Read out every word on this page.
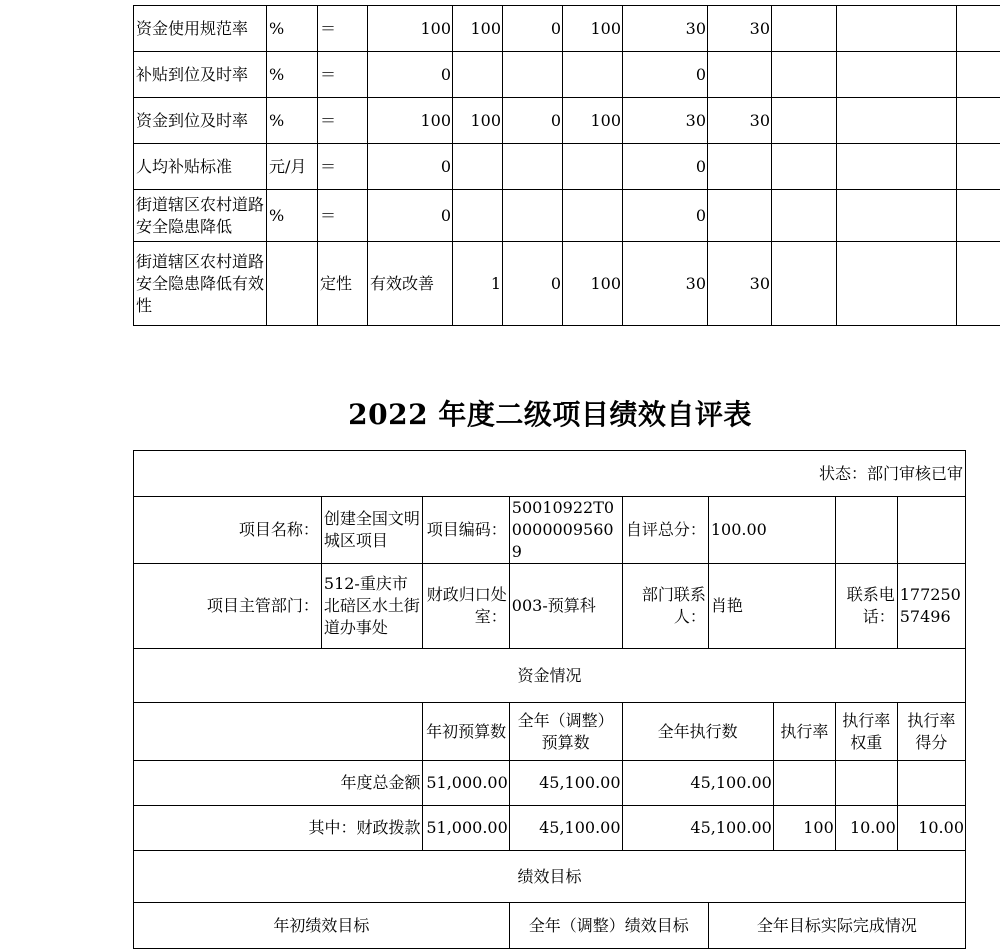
资金使用规范率	%	＝	100	100	0	100	30	30			
补贴到位及时率	%	＝	0				0				
资金到位及时率	%	＝	100	100	0	100	30	30			
人均补贴标准	元/月	＝	0				0				
街道辖区农村道路安全隐患降低	%	＝	0				0				
街道辖区农村道路安全隐患降低有效性		定性	有效改善	1	0	100	30	30			
2022 年度二级项目绩效自评表
状态：部门审核已审								
项目名称：	创建全国文明城区项目	项目编码：	50010922T000000095609	自评总分：	100.00			
项目主管部门：	512-重庆市北碚区水土街道办事处	财政归口处室：	003-预算科	部门联系人：	肖艳		联系电话：	17725057496
资金情况								
		年初预算数	全年（调整）预算数	全年执行数		执行率	执行率权重	执行率得分
年度总金额		51,000.00	45,100.00	45,100.00				
其中：财政拨款		51,000.00	45,100.00	45,100.00		100	10.00	10.00
绩效目标								
年初绩效目标			全年（调整）绩效目标		全年目标实际完成情况			
